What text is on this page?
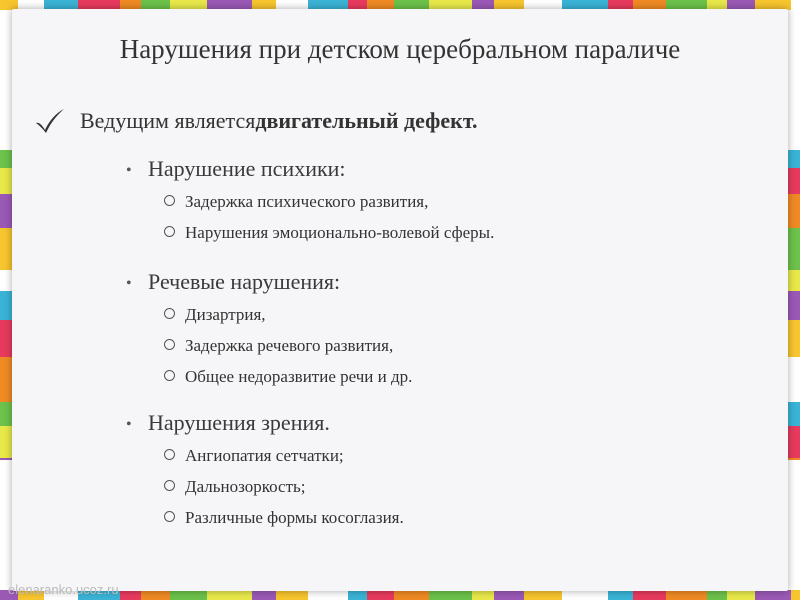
Нарушения при детском церебральном параличе
Ведущим является двигательный дефект.
• Нарушение психики:
Задержка психического развития,
Нарушения эмоционально-волевой сферы.
• Речевые нарушения:
Дизартрия,
Задержка речевого развития,
Общее недоразвитие речи и др.
• Нарушения зрения.
Ангиопатия сетчатки;
Дальнозоркость;
Различные формы косоглазия.
elenaranko.ucoz.ru
